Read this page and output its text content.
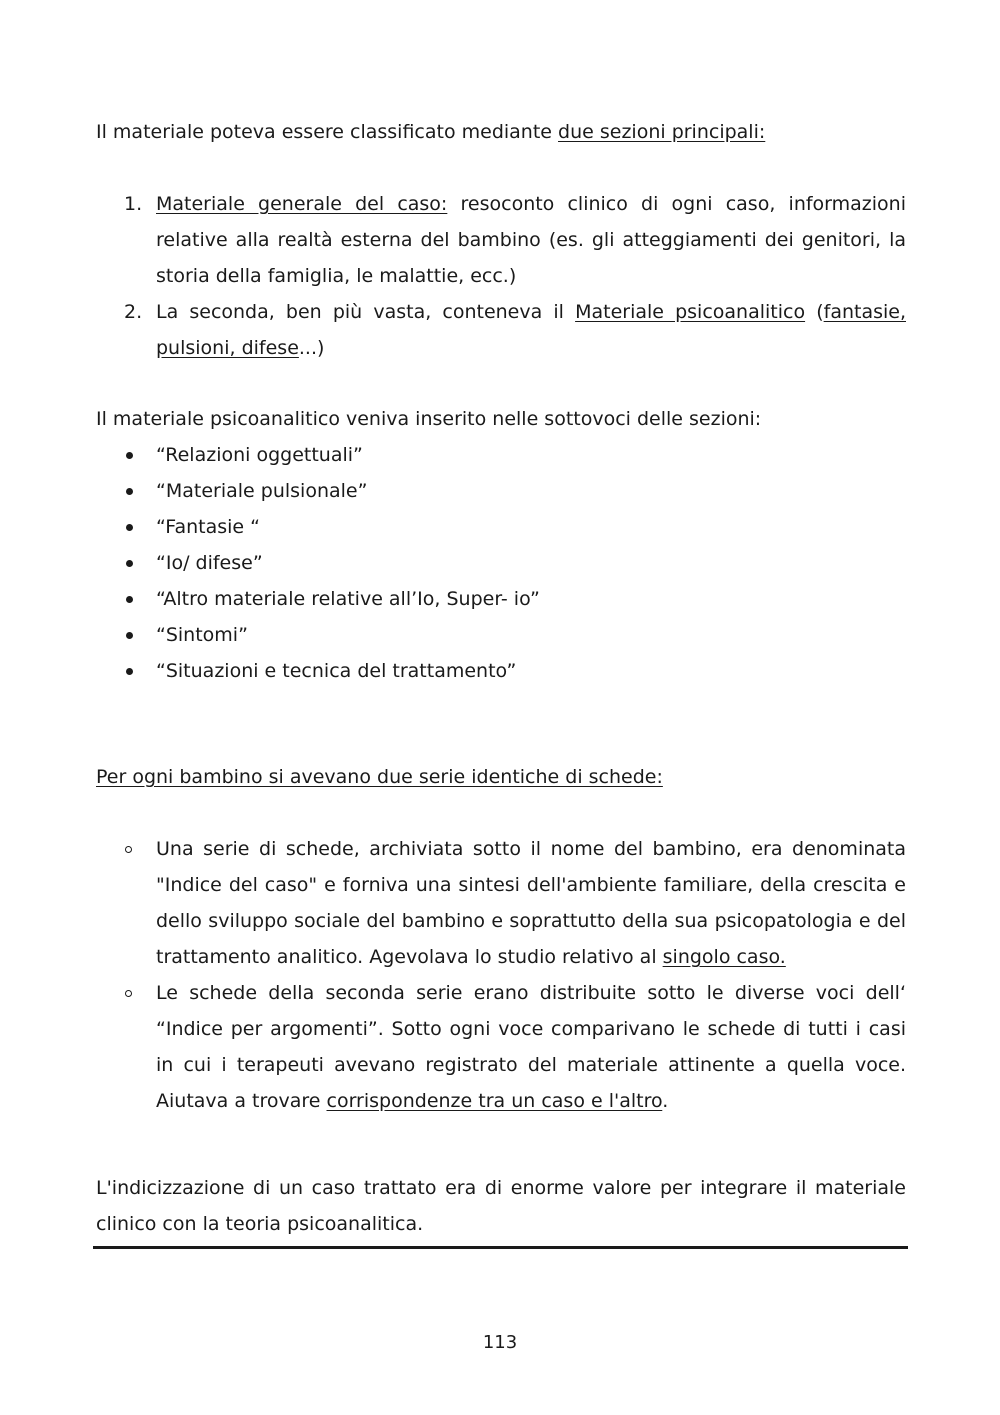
Il materiale poteva essere classificato mediante due sezioni principali:

1. Materiale generale del caso: resoconto clinico di ogni caso, informazioni relative alla realtà esterna del bambino (es. gli atteggiamenti dei genitori, la storia della famiglia, le malattie, ecc.)
2. La seconda, ben più vasta, conteneva il Materiale psicoanalitico (fantasie, pulsioni, difese...)

Il materiale psicoanalitico veniva inserito nelle sottovoci delle sezioni:

“Relazioni oggettuali”
“Materiale pulsionale”
“Fantasie “
“Io/ difese”
“Altro materiale relative all’Io, Super- io”
“Sintomi”
“Situazioni e tecnica del trattamento”

Per ogni bambino si avevano due serie identiche di schede:

Una serie di schede, archiviata sotto il nome del bambino, era denominata "Indice del caso" e forniva una sintesi dell'ambiente familiare, della crescita e dello sviluppo sociale del bambino e soprattutto della sua psicopatologia e del trattamento analitico. Agevolava lo studio relativo al singolo caso.
Le schede della seconda serie erano distribuite sotto le diverse voci dell‘ “Indice per argomenti”. Sotto ogni voce comparivano le schede di tutti i casi in cui i terapeuti avevano registrato del materiale attinente a quella voce. Aiutava a trovare corrispondenze tra un caso e l'altro.

L'indicizzazione di un caso trattato era di enorme valore per integrare il materiale clinico con la teoria psicoanalitica.

113
